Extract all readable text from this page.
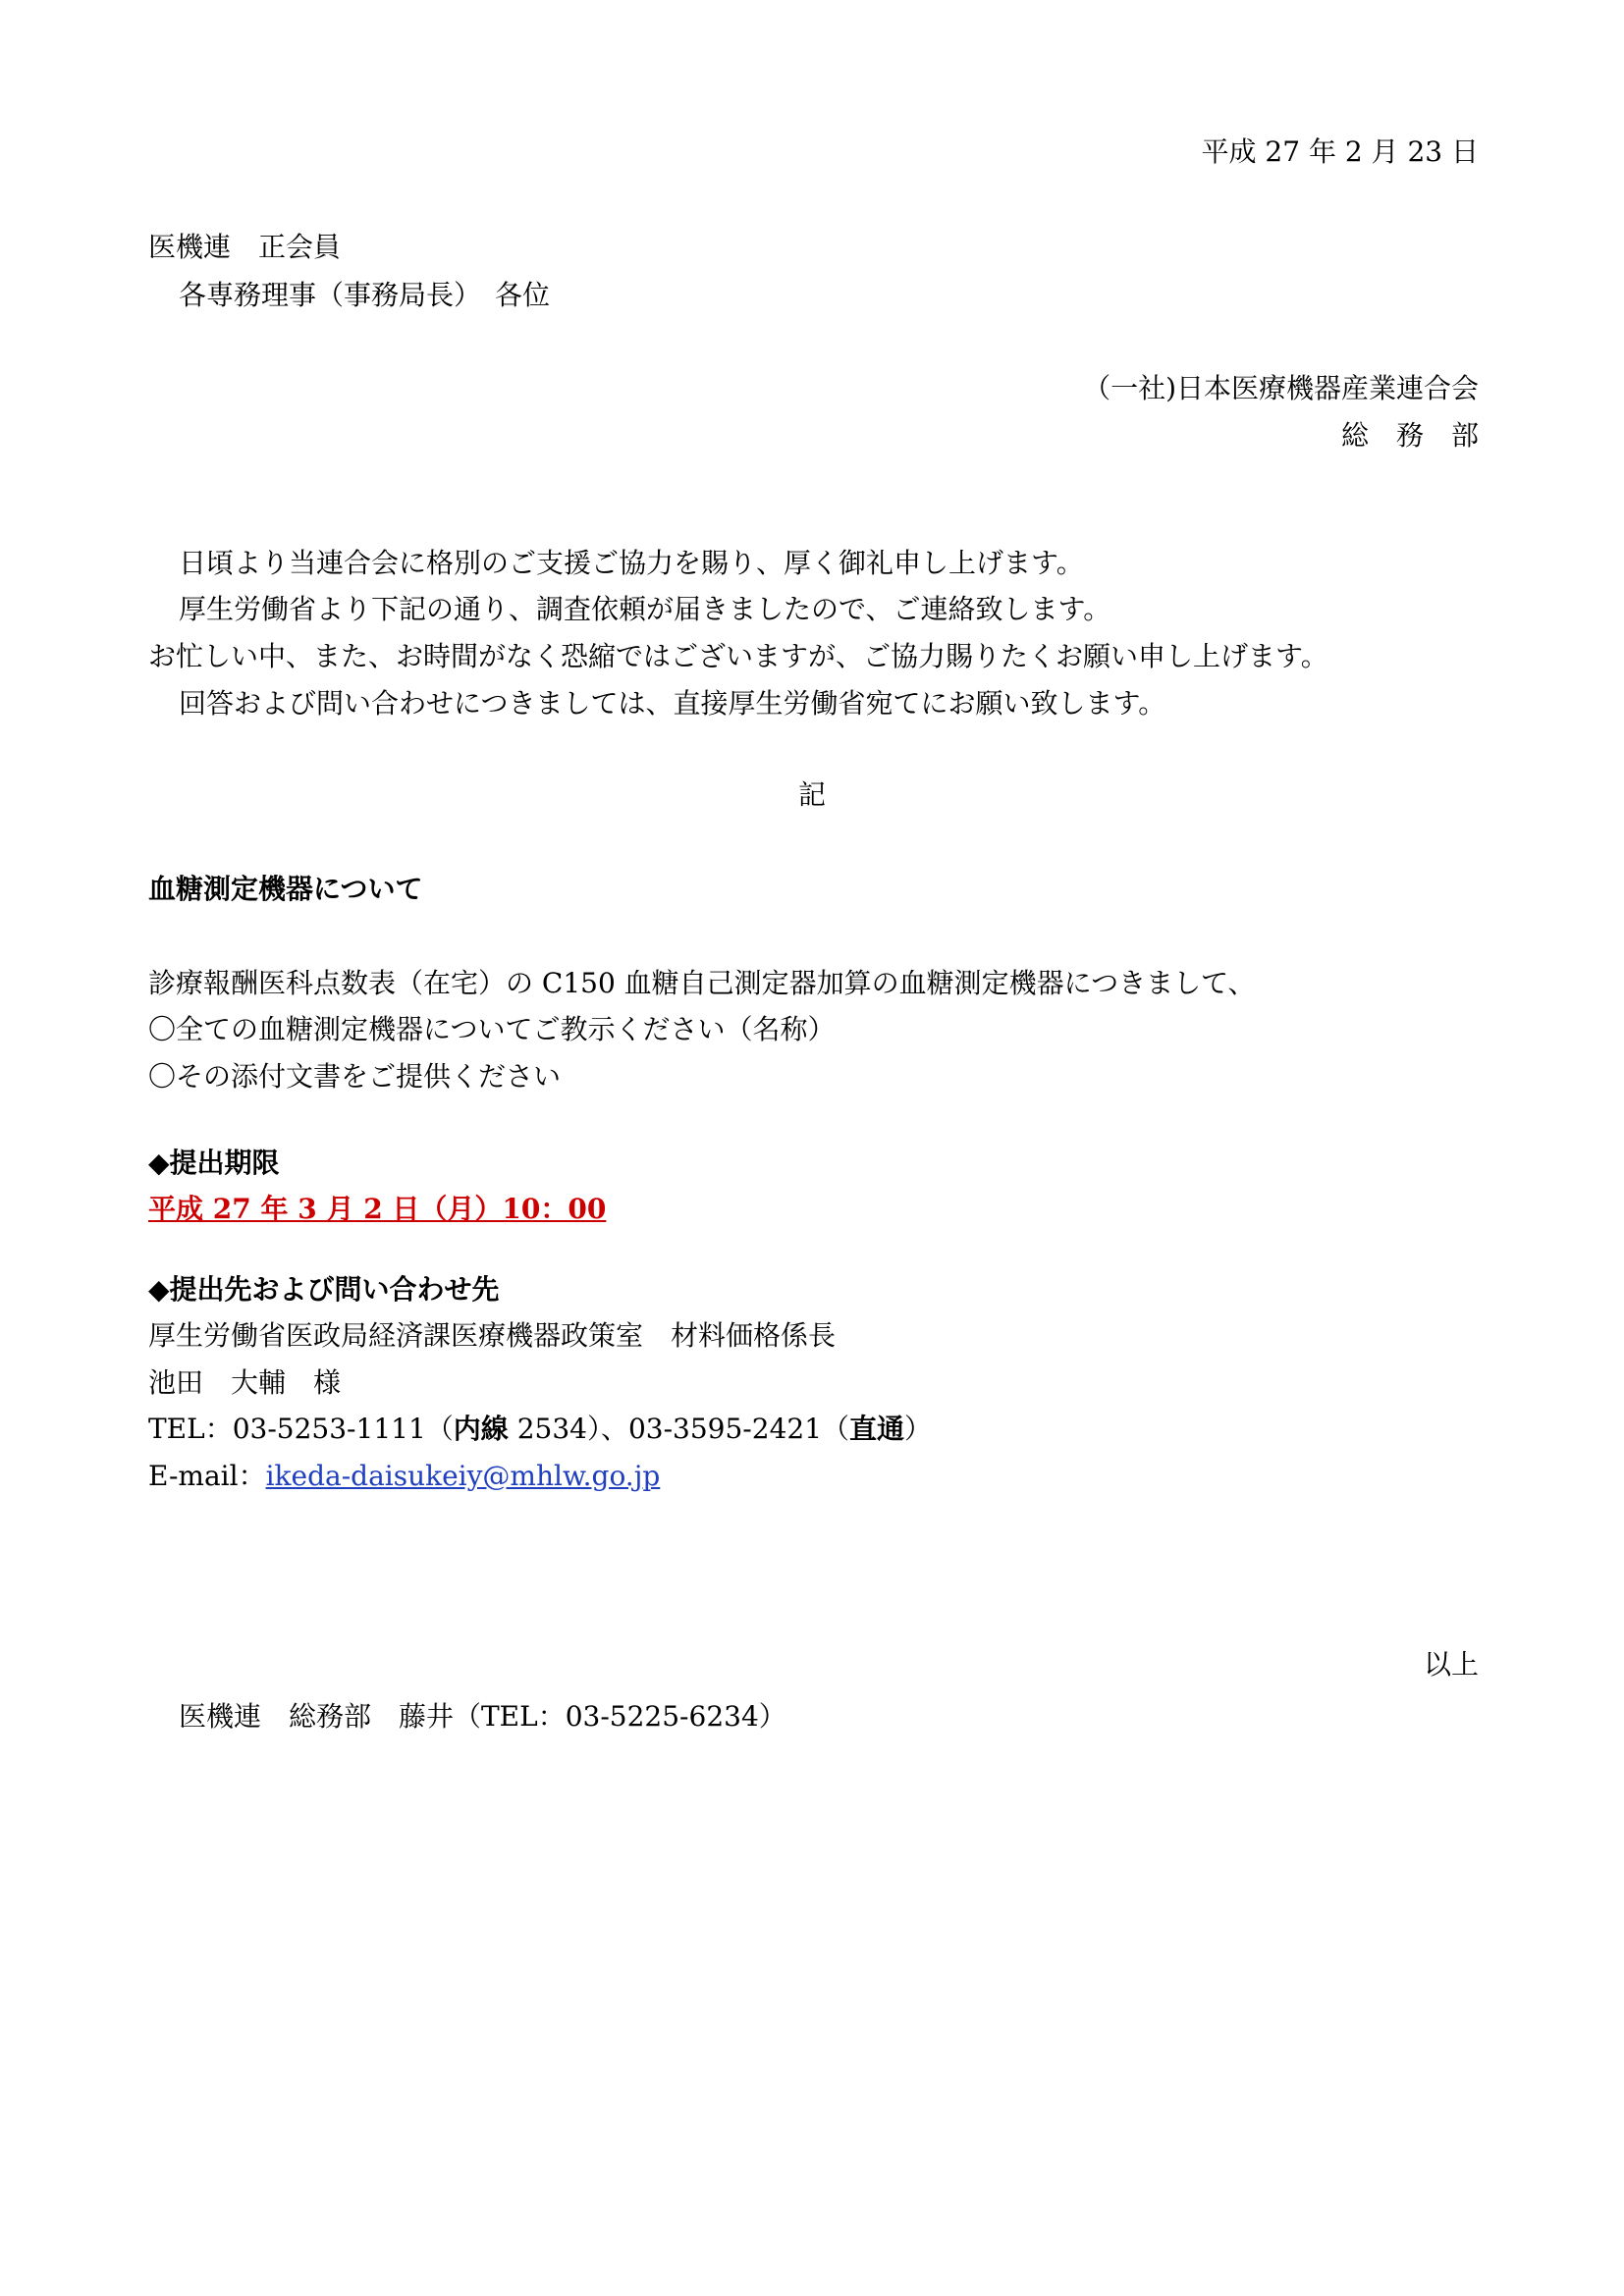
平成 27 年 2 月 23 日
医機連　正会員
各専務理事（事務局長）　各位
（一社)日本医療機器産業連合会
総　務　部
日頃より当連合会に格別のご支援ご協力を賜り、厚く御礼申し上げます。
厚生労働省より下記の通り、調査依頼が届きましたので、ご連絡致します。
お忙しい中、また、お時間がなく恐縮ではございますが、ご協力賜りたくお願い申し上げます。
回答および問い合わせにつきましては、直接厚生労働省宛てにお願い致します。
記
血糖測定機器について
診療報酬医科点数表（在宅）の C150 血糖自己測定器加算の血糖測定機器につきまして、
〇全ての血糖測定機器についてご教示ください（名称）
〇その添付文書をご提供ください
◆提出期限
平成 27 年 3 月 2 日（月）10：00
◆提出先および問い合わせ先
厚生労働省医政局経済課医療機器政策室　材料価格係長
池田　大輔　様
TEL：03-5253-1111（内線 2534）、03-3595-2421（直通）
E-mail：ikeda-daisukeiy@mhlw.go.jp
以上
医機連　総務部　藤井（TEL：03-5225-6234）
